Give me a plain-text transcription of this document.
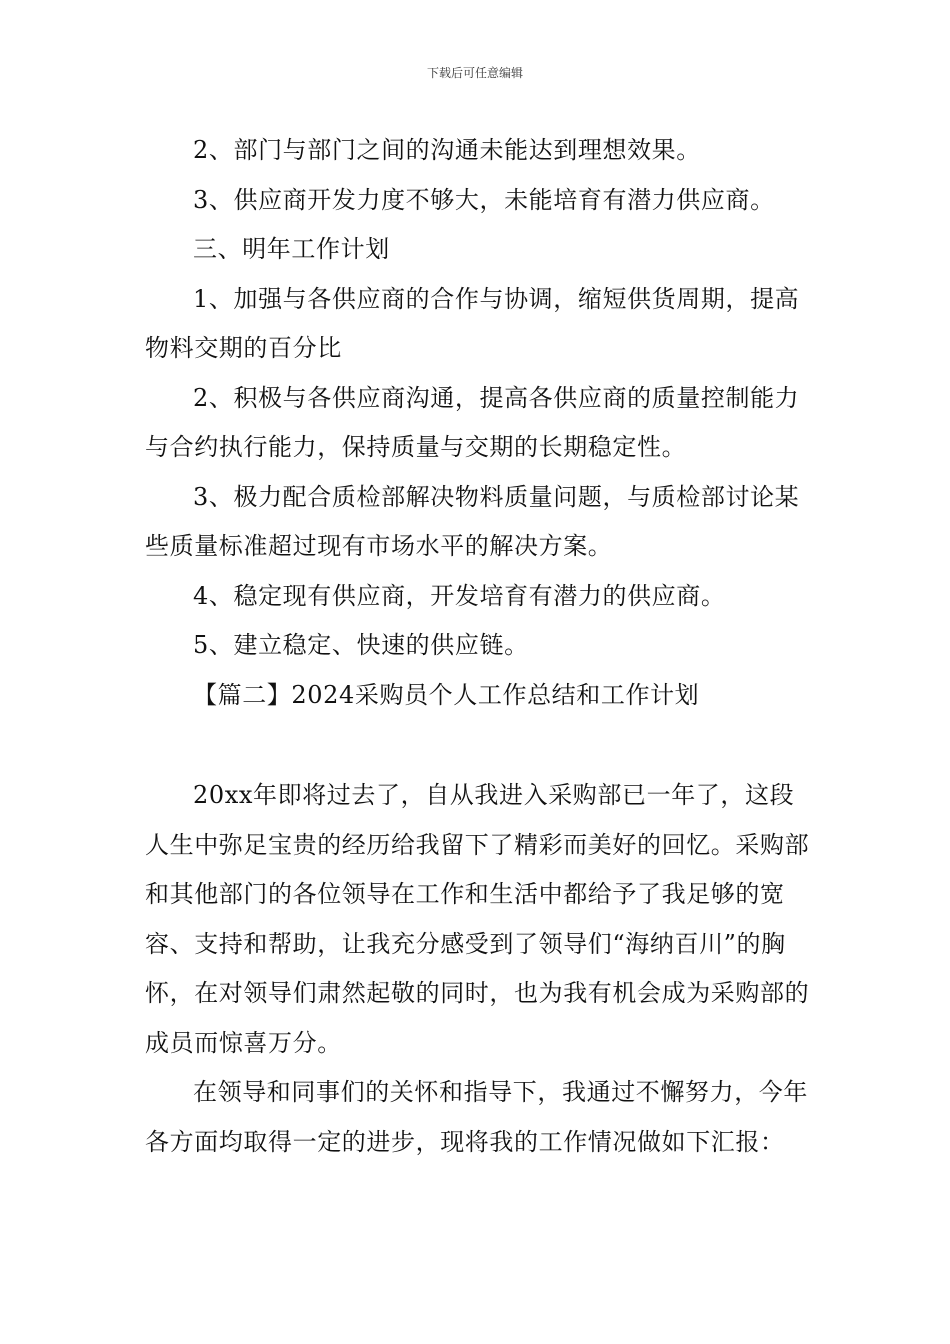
下载后可任意编辑

2、部门与部门之间的沟通未能达到理想效果。

3、供应商开发力度不够大，未能培育有潜力供应商。

三、明年工作计划

1、加强与各供应商的合作与协调，缩短供货周期，提高物料交期的百分比

2、积极与各供应商沟通，提高各供应商的质量控制能力与合约执行能力，保持质量与交期的长期稳定性。

3、极力配合质检部解决物料质量问题，与质检部讨论某些质量标准超过现有市场水平的解决方案。

4、稳定现有供应商，开发培育有潜力的供应商。

5、建立稳定、快速的供应链。

【篇二】2024采购员个人工作总结和工作计划

20xx年即将过去了，自从我进入采购部已一年了，这段人生中弥足宝贵的经历给我留下了精彩而美好的回忆。采购部和其他部门的各位领导在工作和生活中都给予了我足够的宽容、支持和帮助，让我充分感受到了领导们“海纳百川”的胸怀，在对领导们肃然起敬的同时，也为我有机会成为采购部的成员而惊喜万分。

在领导和同事们的关怀和指导下，我通过不懈努力，今年各方面均取得一定的进步，现将我的工作情况做如下汇报：
